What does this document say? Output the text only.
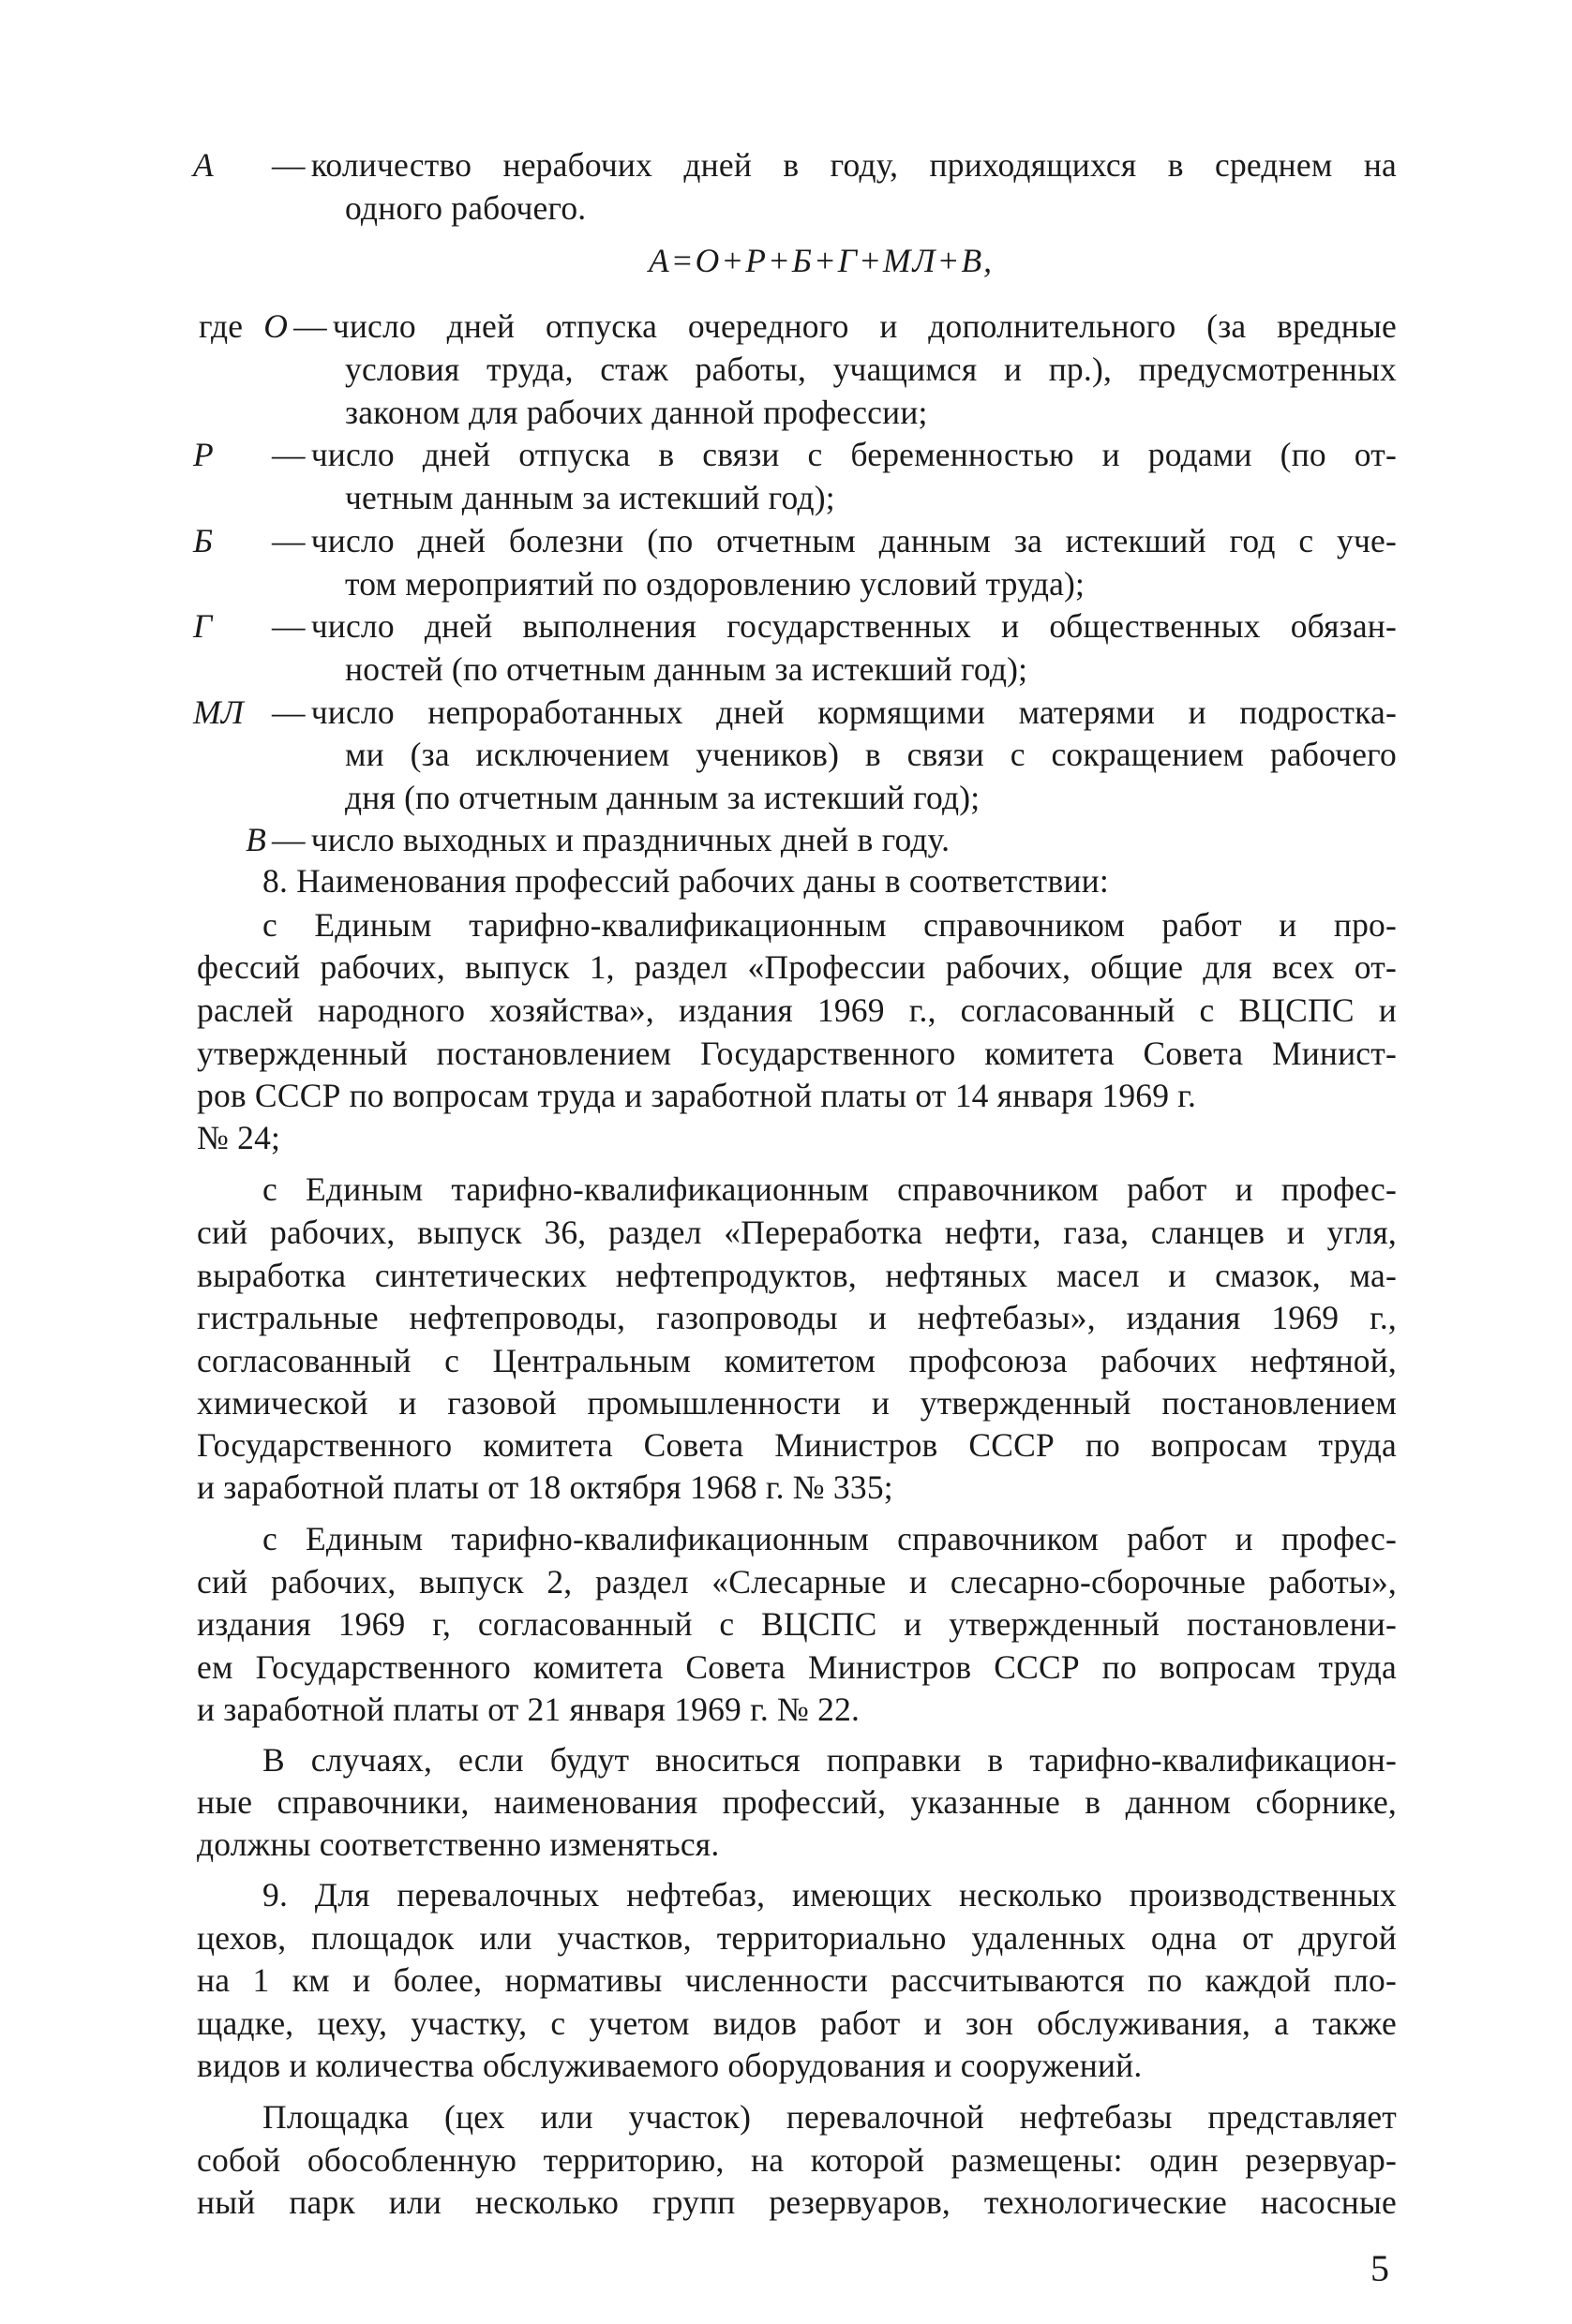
А — количество нерабочих дней в году, приходящихся в среднем на
одного рабочего.
А=О+Р+Б+Г+МЛ+В,
где О — число дней отпуска очередного и дополнительного (за вредные
условия труда, стаж работы, учащимся и пр.), предусмотренных
законом для рабочих данной профессии;
Р — число дней отпуска в связи с беременностью и родами (по от-
четным данным за истекший год);
Б — число дней болезни (по отчетным данным за истекший год с уче-
том мероприятий по оздоровлению условий труда);
Г — число дней выполнения государственных и общественных обязан-
ностей (по отчетным данным за истекший год);
МЛ — число непроработанных дней кормящими матерями и подростка-
ми (за исключением учеников) в связи с сокращением рабочего
дня (по отчетным данным за истекший год);
В — число выходных и праздничных дней в году.
8. Наименования профессий рабочих даны в соответствии:
с Единым тарифно-квалификационным справочником работ и про-
фессий рабочих, выпуск 1, раздел «Профессии рабочих, общие для всех от-
раслей народного хозяйства», издания 1969 г., согласованный с ВЦСПС и
утвержденный постановлением Государственного комитета Совета Минист-
ров СССР по вопросам труда и заработной платы от 14 января 1969 г.
№ 24;
с Единым тарифно-квалификационным справочником работ и профес-
сий рабочих, выпуск 36, раздел «Переработка нефти, газа, сланцев и угля,
выработка синтетических нефтепродуктов, нефтяных масел и смазок, ма-
гистральные нефтепроводы, газопроводы и нефтебазы», издания 1969 г.,
согласованный с Центральным комитетом профсоюза рабочих нефтяной,
химической и газовой промышленности и утвержденный постановлением
Государственного комитета Совета Министров СССР по вопросам труда
и заработной платы от 18 октября 1968 г. № 335;
с Единым тарифно-квалификационным справочником работ и профес-
сий рабочих, выпуск 2, раздел «Слесарные и слесарно-сборочные работы»,
издания 1969 г, согласованный с ВЦСПС и утвержденный постановлени-
ем Государственного комитета Совета Министров СССР по вопросам труда
и заработной платы от 21 января 1969 г. № 22.
В случаях, если будут вноситься поправки в тарифно-квалификацион-
ные справочники, наименования профессий, указанные в данном сборнике,
должны соответственно изменяться.
9. Для перевалочных нефтебаз, имеющих несколько производственных
цехов, площадок или участков, территориально удаленных одна от другой
на 1 км и более, нормативы численности рассчитываются по каждой пло-
щадке, цеху, участку, с учетом видов работ и зон обслуживания, а также
видов и количества обслуживаемого оборудования и сооружений.
Площадка (цех или участок) перевалочной нефтебазы представляет
собой обособленную территорию, на которой размещены: один резервуар-
ный парк или несколько групп резервуаров, технологические насосные
5
